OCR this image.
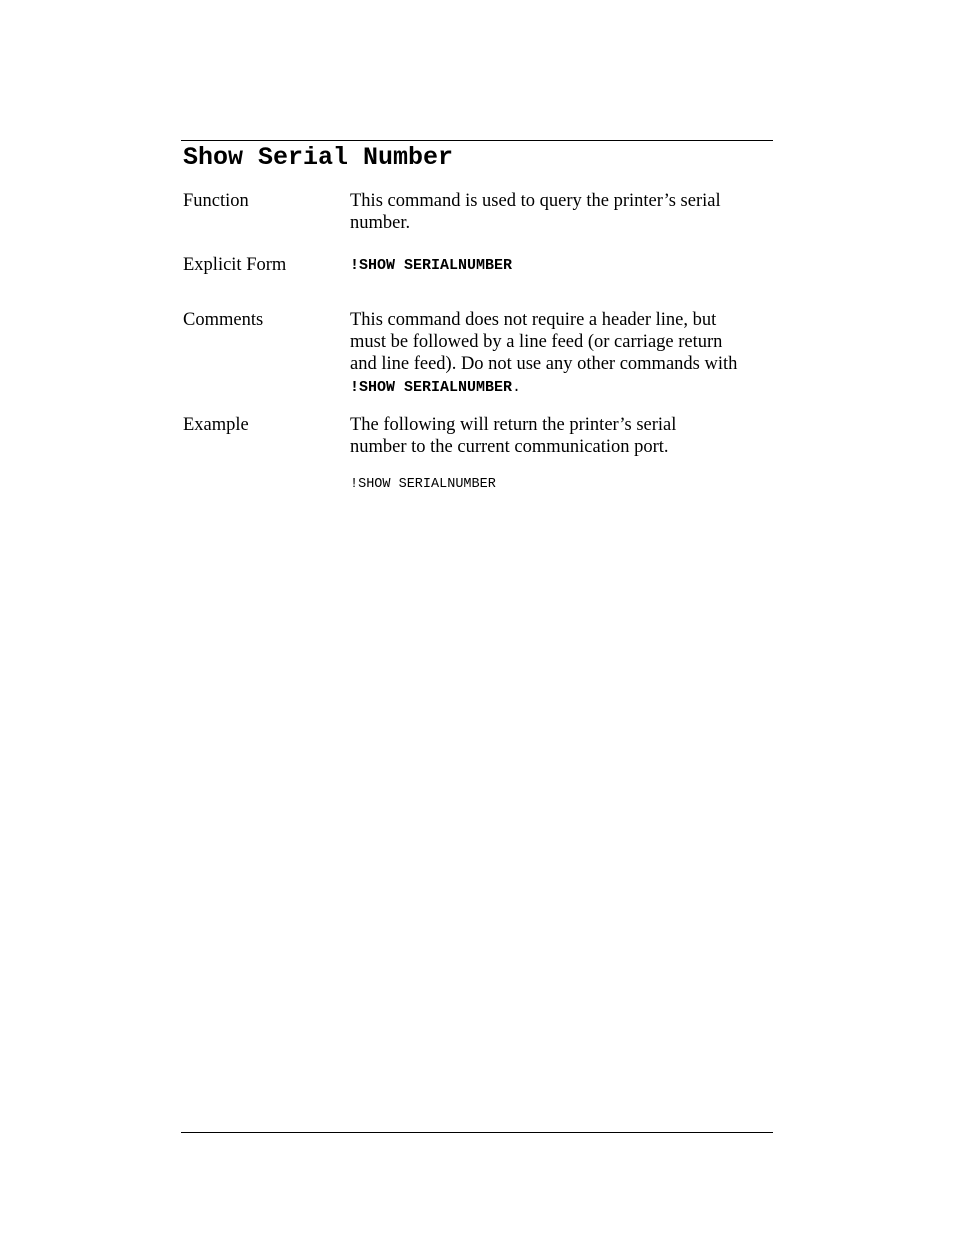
Show Serial Number
Function	This command is used to query the printer’s serial
number.
Explicit Form	!SHOW SERIALNUMBER
Comments	This command does not require a header line, but
must be followed by a line feed (or carriage return
and line feed). Do not use any other commands with
!SHOW SERIALNUMBER.
Example	The following will return the printer’s serial
number to the current communication port.
!SHOW SERIALNUMBER
